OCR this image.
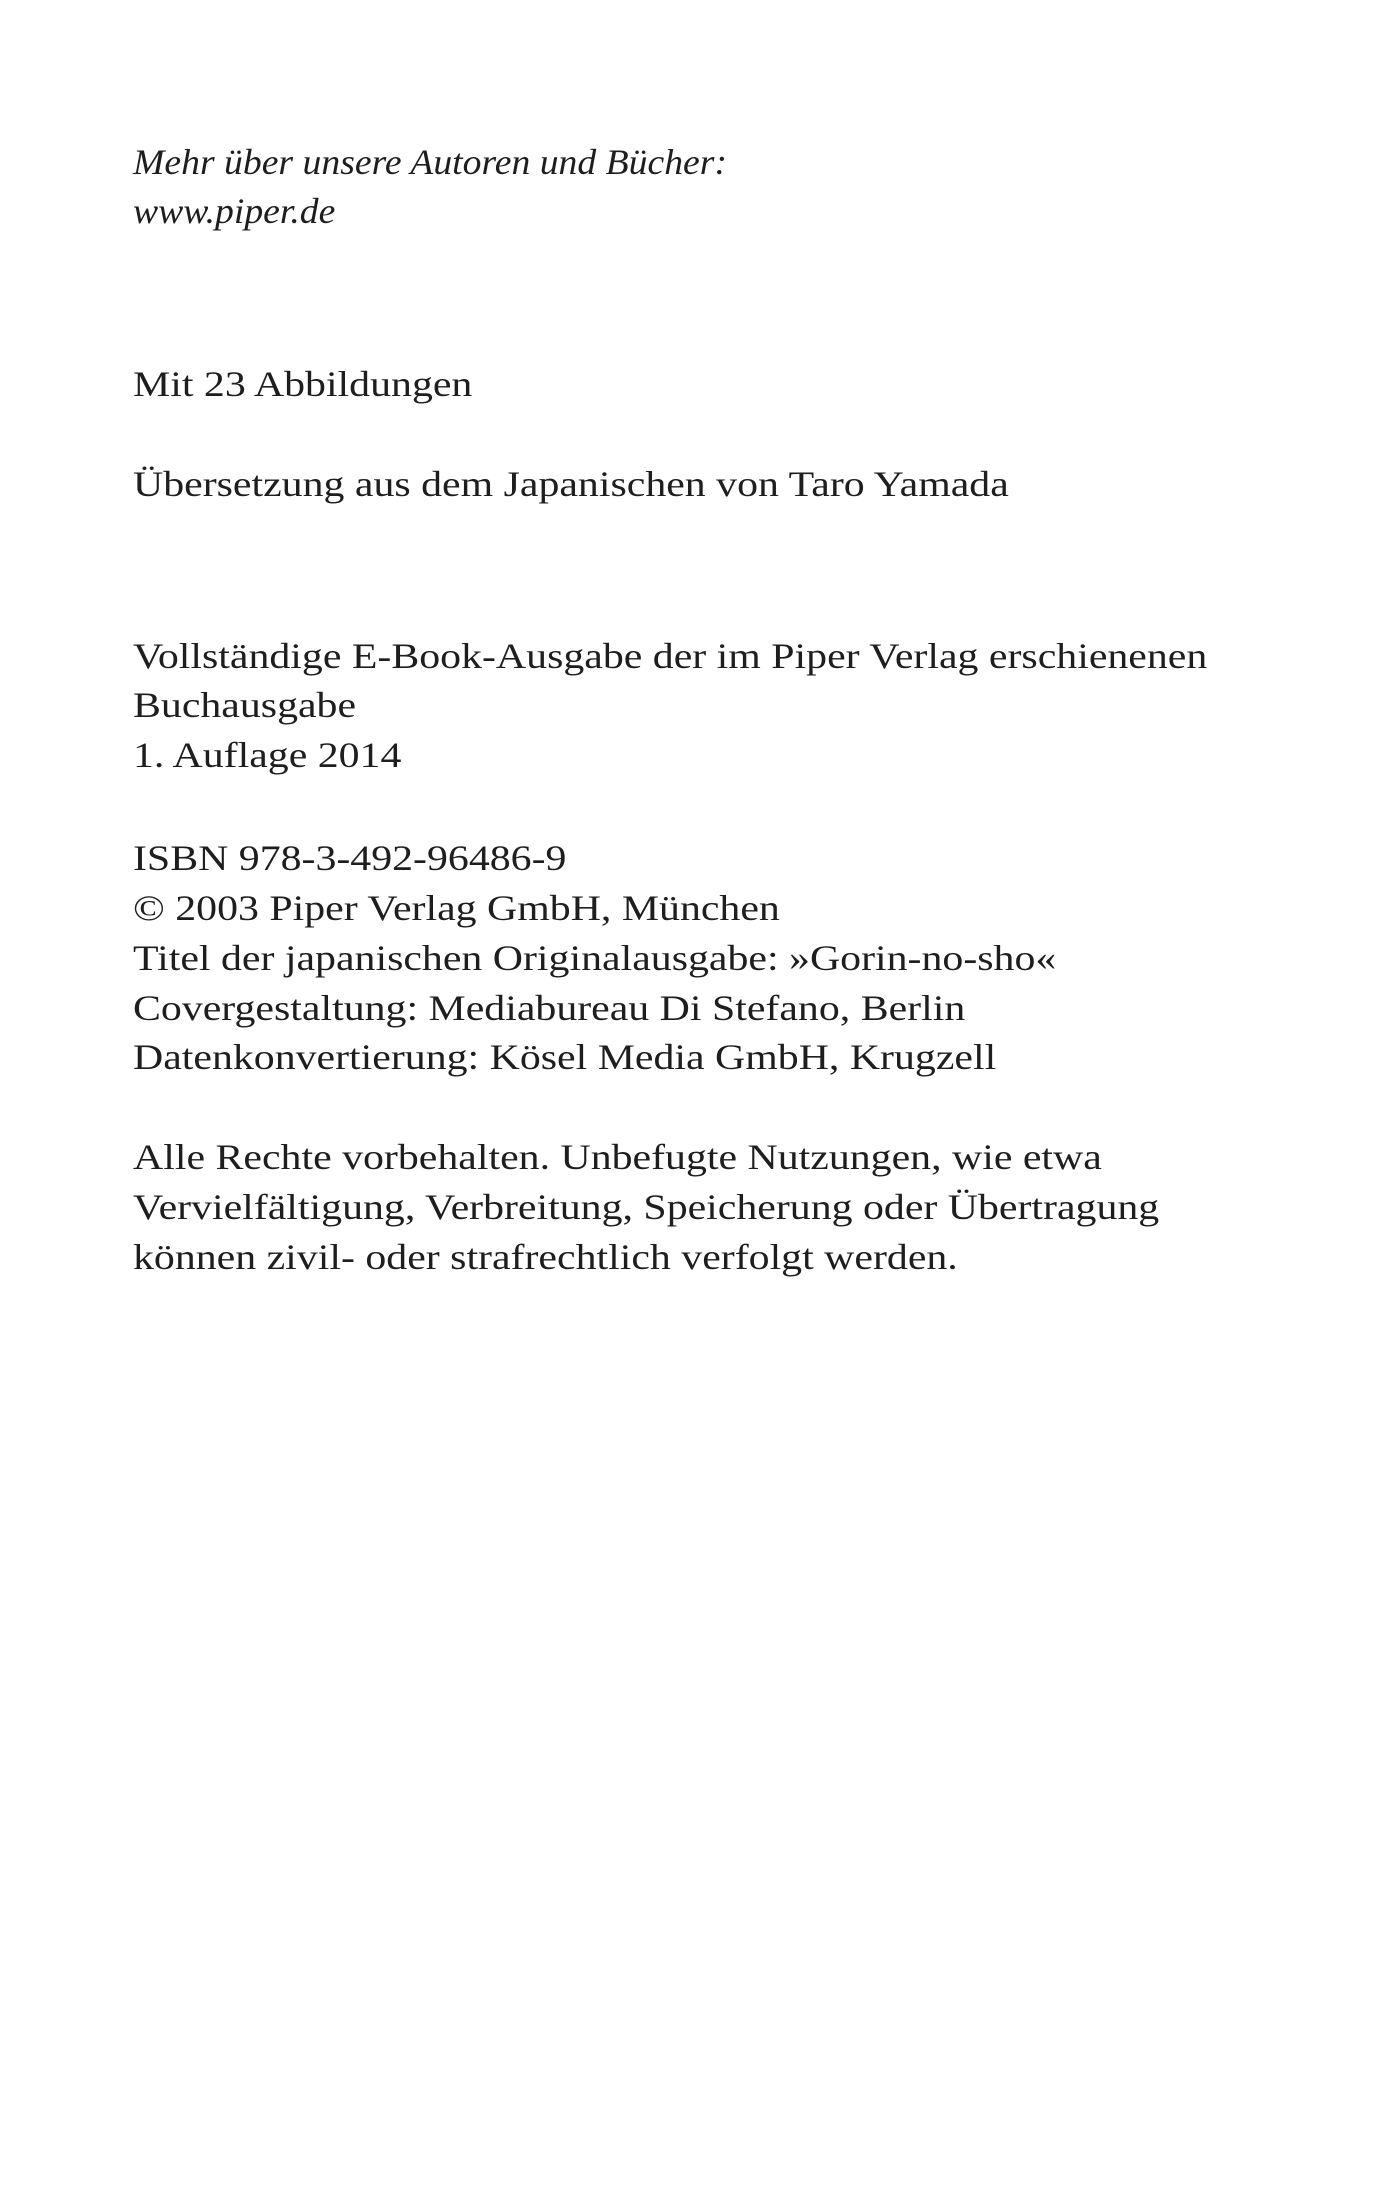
Mehr über unsere Autoren und Bücher:
www.piper.de
Mit 23 Abbildungen
Übersetzung aus dem Japanischen von Taro Yamada
Vollständige E-Book-Ausgabe der im Piper Verlag erschienenen
Buchausgabe
1. Auflage 2014
ISBN 978-3-492-96486-9
© 2003 Piper Verlag GmbH, München
Titel der japanischen Originalausgabe: »Gorin-no-sho«
Covergestaltung: Mediabureau Di Stefano, Berlin
Datenkonvertierung: Kösel Media GmbH, Krugzell
Alle Rechte vorbehalten. Unbefugte Nutzungen, wie etwa
Vervielfältigung, Verbreitung, Speicherung oder Übertragung
können zivil- oder strafrechtlich verfolgt werden.
